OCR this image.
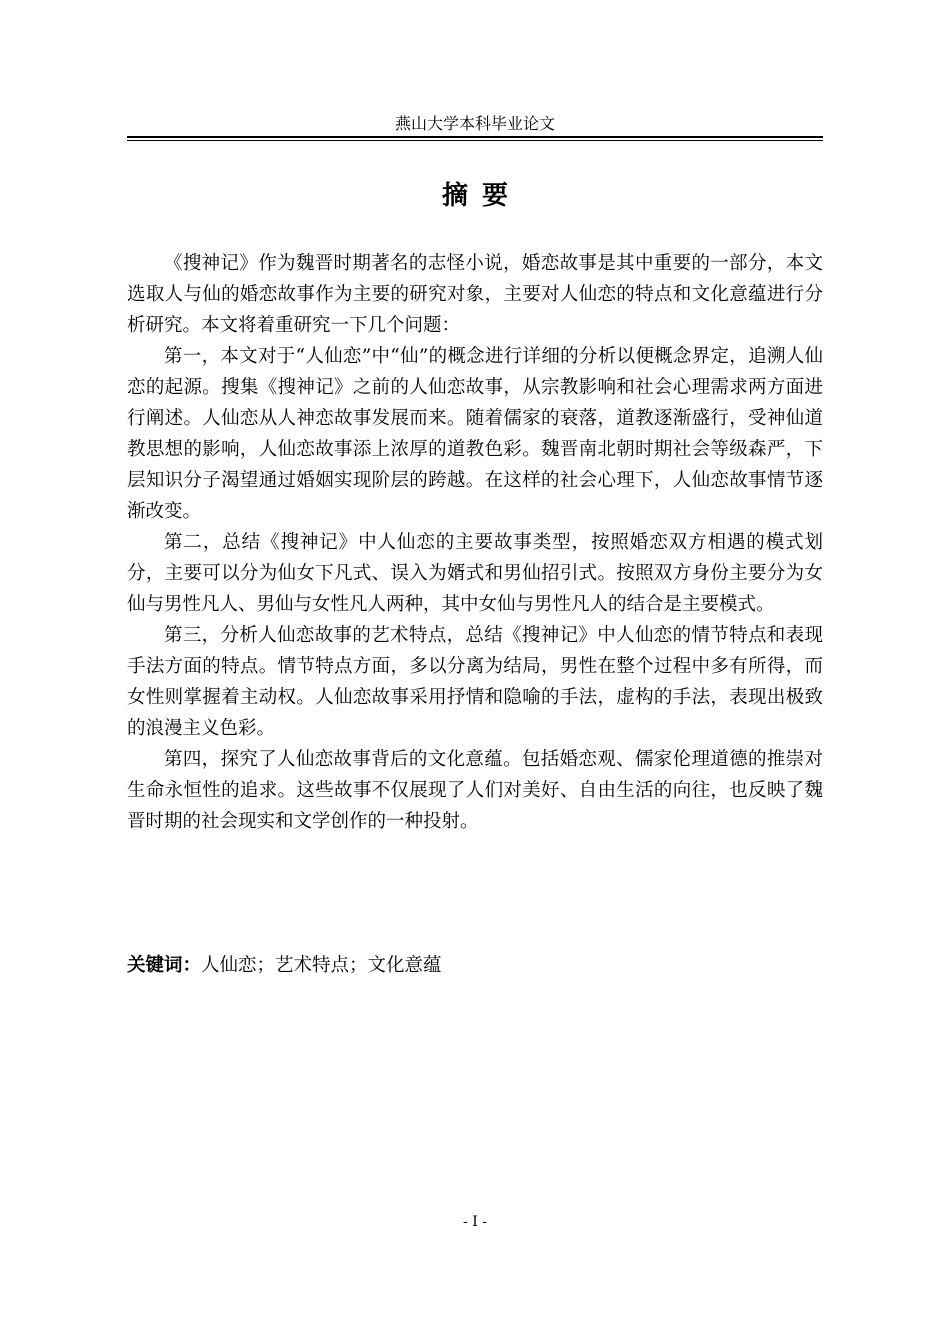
燕山大学本科毕业论文
摘要

《搜神记》作为魏晋时期著名的志怪小说，婚恋故事是其中重要的一部分，本文选取人与仙的婚恋故事作为主要的研究对象，主要对人仙恋的特点和文化意蕴进行分析研究。本文将着重研究一下几个问题：

第一，本文对于“人仙恋”中“仙”的概念进行详细的分析以便概念界定，追溯人仙恋的起源。搜集《搜神记》之前的人仙恋故事，从宗教影响和社会心理需求两方面进行阐述。人仙恋从人神恋故事发展而来。随着儒家的衰落，道教逐渐盛行，受神仙道教思想的影响，人仙恋故事添上浓厚的道教色彩。魏晋南北朝时期社会等级森严，下层知识分子渴望通过婚姻实现阶层的跨越。在这样的社会心理下，人仙恋故事情节逐渐改变。

第二，总结《搜神记》中人仙恋的主要故事类型，按照婚恋双方相遇的模式划分，主要可以分为仙女下凡式、误入为婿式和男仙招引式。按照双方身份主要分为女仙与男性凡人、男仙与女性凡人两种，其中女仙与男性凡人的结合是主要模式。

第三，分析人仙恋故事的艺术特点，总结《搜神记》中人仙恋的情节特点和表现手法方面的特点。情节特点方面，多以分离为结局，男性在整个过程中多有所得，而女性则掌握着主动权。人仙恋故事采用抒情和隐喻的手法，虚构的手法，表现出极致的浪漫主义色彩。

第四，探究了人仙恋故事背后的文化意蕴。包括婚恋观、儒家伦理道德的推崇对生命永恒性的追求。这些故事不仅展现了人们对美好、自由生活的向往，也反映了魏晋时期的社会现实和文学创作的一种投射。

关键词：人仙恋；艺术特点；文化意蕴
- I -
